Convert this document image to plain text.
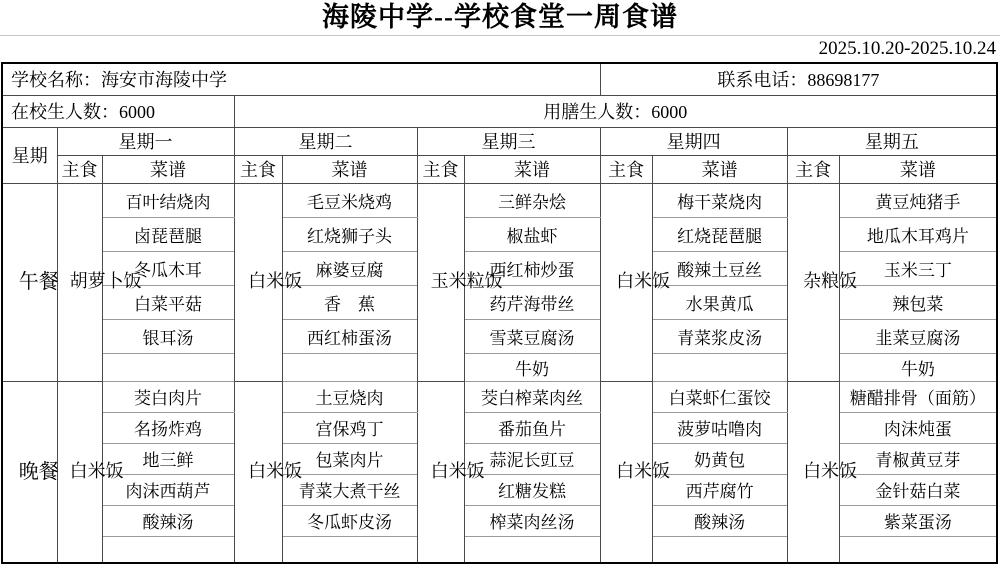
海陵中学--学校食堂一周食谱
2025.10.20-2025.10.24
学校名称：海安市海陵中学							联系电话：88698177			
在校生人数：6000			用膳生人数：6000							
星期	星期一		星期二		星期三		星期四		星期五	
	主食	菜谱	主食	菜谱	主食	菜谱	主食	菜谱	主食	菜谱
午餐	胡萝卜饭	百叶结烧肉	白米饭	毛豆米烧鸡	玉米粒饭	三鲜杂烩	白米饭	梅干菜烧肉	杂粮饭	黄豆炖猪手
		卤琵琶腿		红烧狮子头		椒盐虾		红烧琵琶腿		地瓜木耳鸡片
		冬瓜木耳		麻婆豆腐		西红柿炒蛋		酸辣土豆丝		玉米三丁
		白菜平菇		香　蕉		药芹海带丝		水果黄瓜		辣包菜
		银耳汤		西红柿蛋汤		雪菜豆腐汤		青菜浆皮汤		韭菜豆腐汤
						牛奶				牛奶
晚餐	白米饭	茭白肉片	白米饭	土豆烧肉	白米饭	茭白榨菜肉丝	白米饭	白菜虾仁蛋饺	白米饭	糖醋排骨（面筋）
		名扬炸鸡		宫保鸡丁		番茄鱼片		菠萝咕噜肉		肉沫炖蛋
		地三鲜		包菜肉片		蒜泥长豇豆		奶黄包		青椒黄豆芽
		肉沫西葫芦		青菜大煮干丝		红糖发糕		西芹腐竹		金针菇白菜
		酸辣汤		冬瓜虾皮汤		榨菜肉丝汤		酸辣汤		紫菜蛋汤
